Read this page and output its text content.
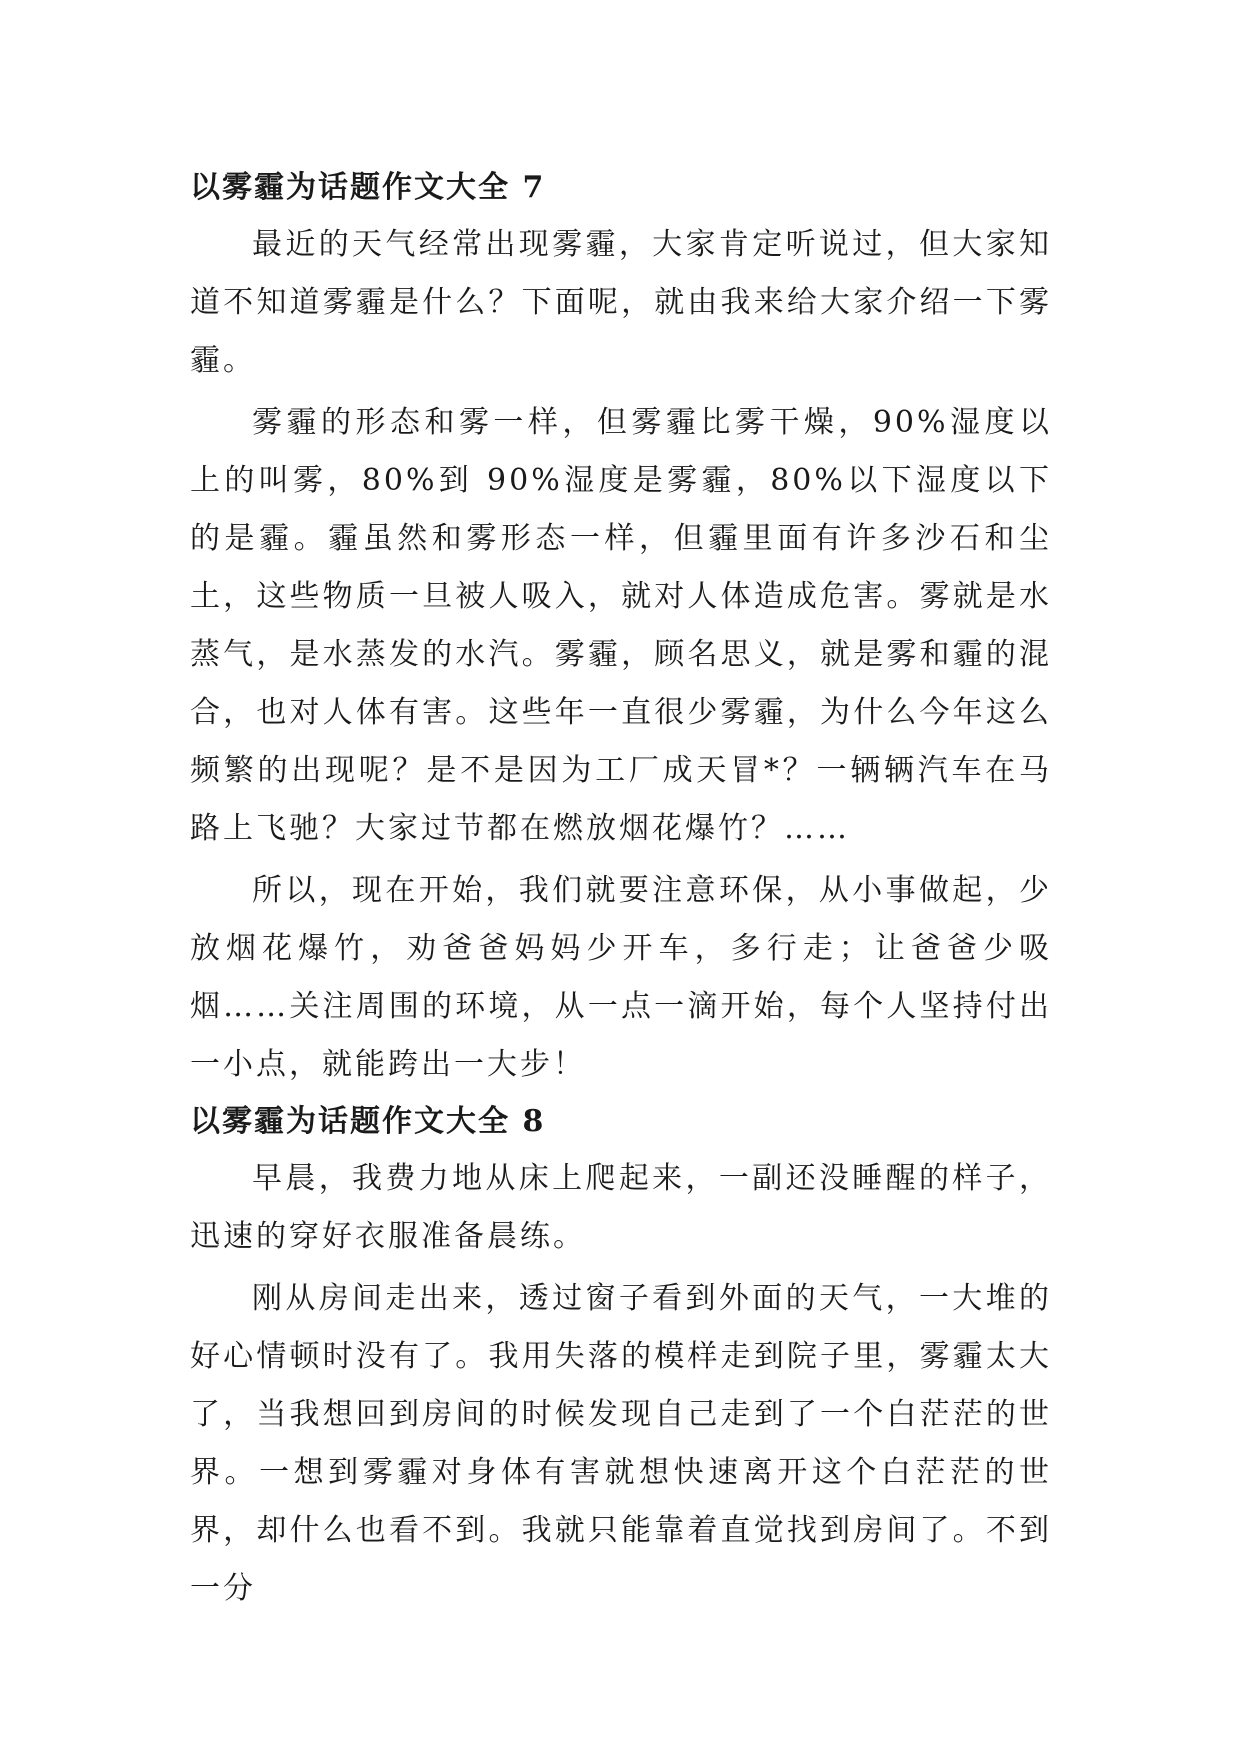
以雾霾为话题作文大全 7

最近的天气经常出现雾霾，大家肯定听说过，但大家知道不知道雾霾是什么？下面呢，就由我来给大家介绍一下雾霾。

雾霾的形态和雾一样，但雾霾比雾干燥，90%湿度以上的叫雾，80%到 90%湿度是雾霾，80%以下湿度以下的是霾。霾虽然和雾形态一样，但霾里面有许多沙石和尘土，这些物质一旦被人吸入，就对人体造成危害。雾就是水蒸气，是水蒸发的水汽。雾霾，顾名思义，就是雾和霾的混合，也对人体有害。这些年一直很少雾霾，为什么今年这么频繁的出现呢？是不是因为工厂成天冒*？一辆辆汽车在马路上飞驰？大家过节都在燃放烟花爆竹？……

所以，现在开始，我们就要注意环保，从小事做起，少放烟花爆竹，劝爸爸妈妈少开车，多行走；让爸爸少吸烟……关注周围的环境，从一点一滴开始，每个人坚持付出一小点，就能跨出一大步！

以雾霾为话题作文大全 8

早晨，我费力地从床上爬起来，一副还没睡醒的样子，迅速的穿好衣服准备晨练。

刚从房间走出来，透过窗子看到外面的天气，一大堆的好心情顿时没有了。我用失落的模样走到院子里，雾霾太大了，当我想回到房间的时候发现自己走到了一个白茫茫的世界。一想到雾霾对身体有害就想快速离开这个白茫茫的世界，却什么也看不到。我就只能靠着直觉找到房间了。不到一分
